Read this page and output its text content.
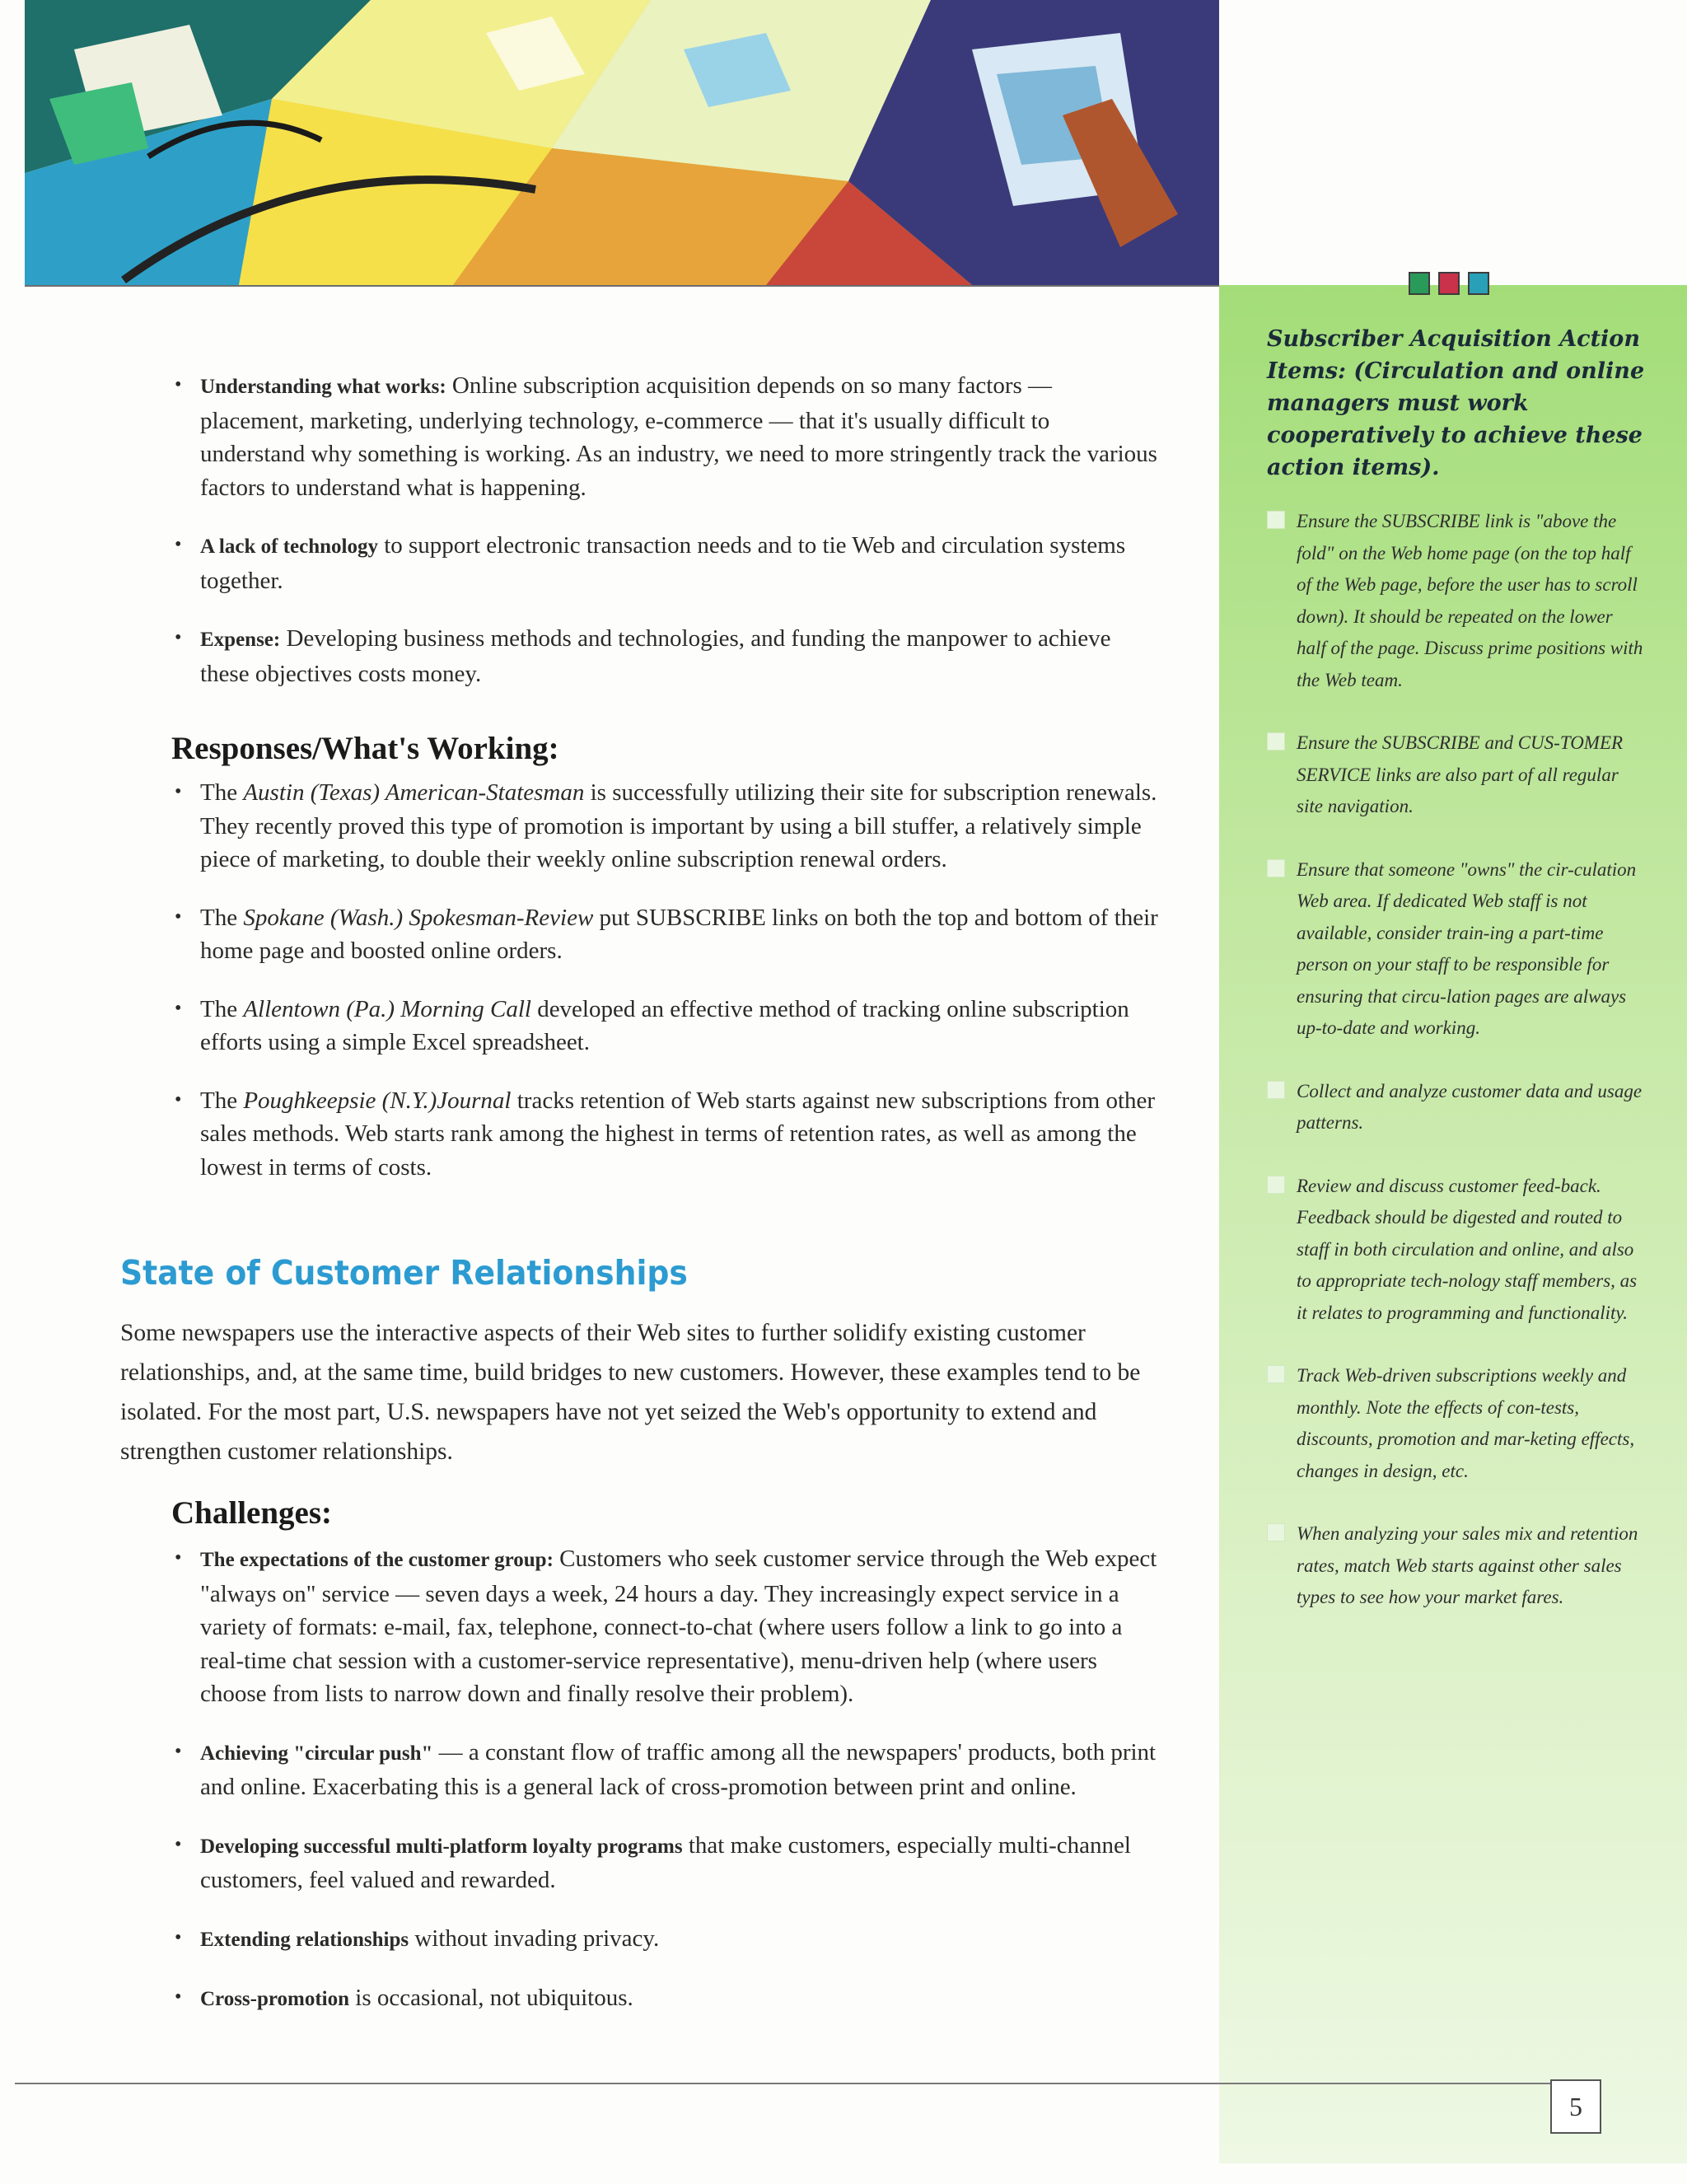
Subscriber Acquisition Action Items: (Circulation and online managers must work cooperatively to achieve these action items).
Ensure the SUBSCRIBE link is "above the fold" on the Web home page (on the top half of the Web page, before the user has to scroll down). It should be repeated on the lower half of the page. Discuss prime positions with the Web team.
Ensure the SUBSCRIBE and CUS-TOMER SERVICE links are also part of all regular site navigation.
Ensure that someone "owns" the cir-culation Web area. If dedicated Web staff is not available, consider train-ing a part-time person on your staff to be responsible for ensuring that circu-lation pages are always up-to-date and working.
Collect and analyze customer data and usage patterns.
Review and discuss customer feed-back. Feedback should be digested and routed to staff in both circulation and online, and also to appropriate tech-nology staff members, as it relates to programming and functionality.
Track Web-driven subscriptions weekly and monthly. Note the effects of con-tests, discounts, promotion and mar-keting effects, changes in design, etc.
When analyzing your sales mix and retention rates, match Web starts against other sales types to see how your market fares.
• Understanding what works: Online subscription acquisition depends on so many factors — placement, marketing, underlying technology, e-commerce — that it's usually difficult to understand why something is working. As an industry, we need to more stringently track the various factors to understand what is happening.
• A lack of technology to support electronic transaction needs and to tie Web and circulation systems together.
• Expense: Developing business methods and technologies, and funding the manpower to achieve these objectives costs money.
Responses/What's Working:
• The Austin (Texas) American-Statesman is successfully utilizing their site for subscription renewals. They recently proved this type of promotion is important by using a bill stuffer, a relatively simple piece of marketing, to double their weekly online subscription renewal orders.
• The Spokane (Wash.) Spokesman-Review put SUBSCRIBE links on both the top and bottom of their home page and boosted online orders.
• The Allentown (Pa.) Morning Call developed an effective method of tracking online subscription efforts using a simple Excel spreadsheet.
• The Poughkeepsie (N.Y.)Journal tracks retention of Web starts against new subscriptions from other sales methods. Web starts rank among the highest in terms of retention rates, as well as among the lowest in terms of costs.
State of Customer Relationships
Some newspapers use the interactive aspects of their Web sites to further solidify existing customer relationships, and, at the same time, build bridges to new customers. However, these examples tend to be isolated. For the most part, U.S. newspapers have not yet seized the Web's opportunity to extend and strengthen customer relationships.
Challenges:
• The expectations of the customer group: Customers who seek customer service through the Web expect "always on" service — seven days a week, 24 hours a day. They increasingly expect service in a variety of formats: e-mail, fax, telephone, connect-to-chat (where users follow a link to go into a real-time chat session with a customer-service representative), menu-driven help (where users choose from lists to narrow down and finally resolve their problem).
• Achieving "circular push" — a constant flow of traffic among all the newspapers' products, both print and online. Exacerbating this is a general lack of cross-promotion between print and online.
• Developing successful multi-platform loyalty programs that make customers, especially multi-channel customers, feel valued and rewarded.
• Extending relationships without invading privacy.
• Cross-promotion is occasional, not ubiquitous.
5
